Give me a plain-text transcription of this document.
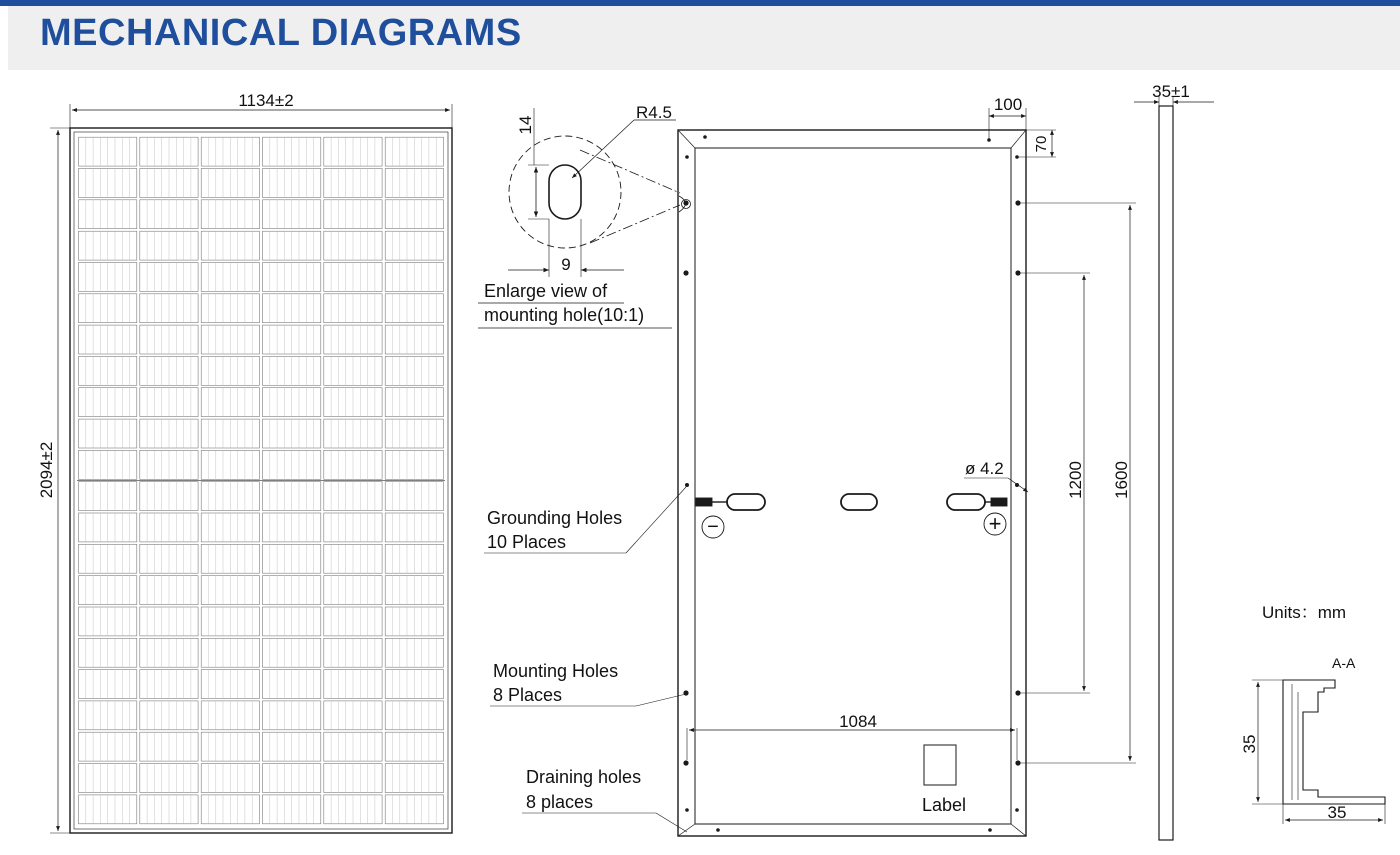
MECHANICAL DIAGRAMS
1134±2
2094±2
R4.5
14
9
Enlarge view of
mounting hole(10:1)
100
70
1200 1600
ø 4.2
1084
Label
−	+
Grounding Holes
10 Places
Mounting Holes
8 Places
Draining holes
8 places
35±1
Units：mm
A-A
35
35
